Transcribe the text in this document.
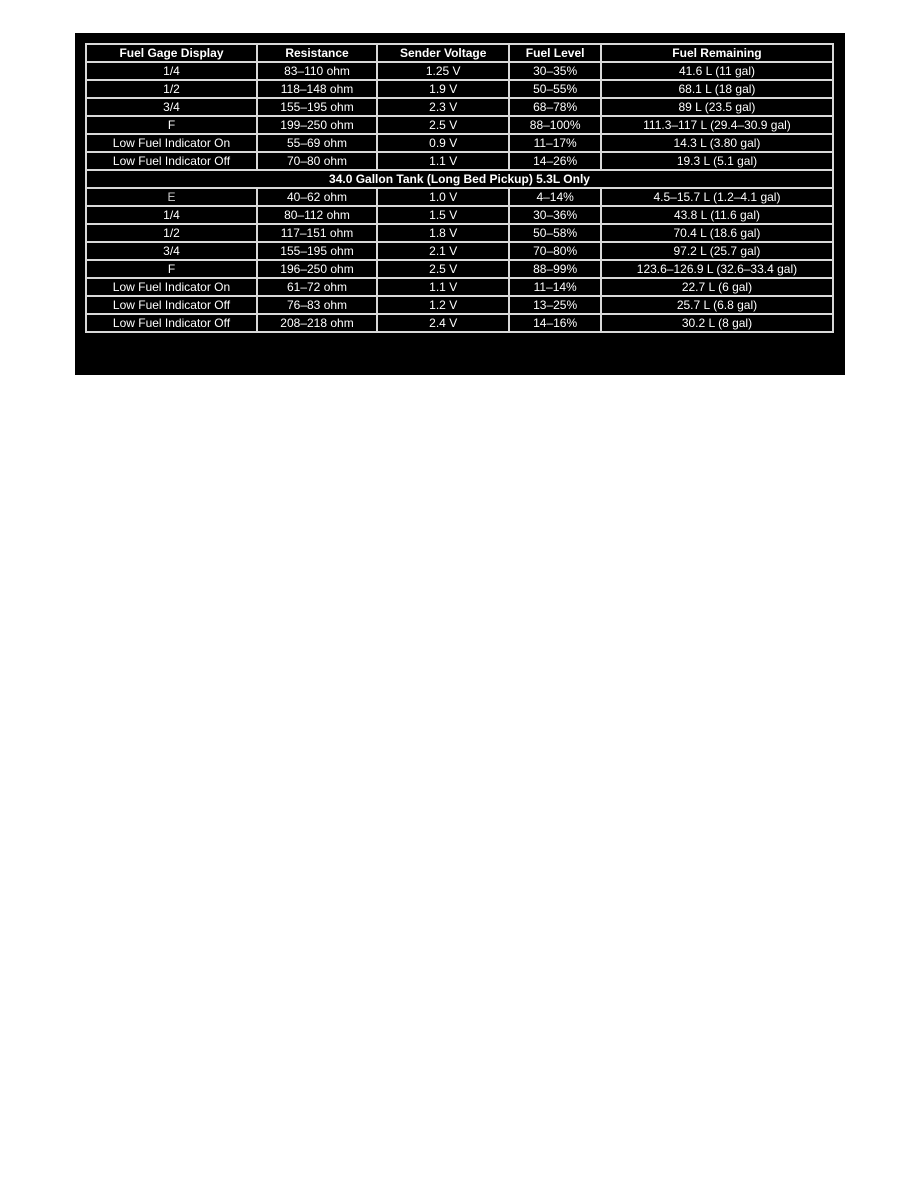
Fuel Gage Display	Resistance	Sender Voltage	Fuel Level	Fuel Remaining
1/4	83–110 ohm	1.25 V	30–35%	41.6 L (11 gal)
1/2	118–148 ohm	1.9 V	50–55%	68.1 L (18 gal)
3/4	155–195 ohm	2.3 V	68–78%	89 L (23.5 gal)
F	199–250 ohm	2.5 V	88–100%	111.3–117 L (29.4–30.9 gal)
Low Fuel Indicator On	55–69 ohm	0.9 V	11–17%	14.3 L (3.80 gal)
Low Fuel Indicator Off	70–80 ohm	1.1 V	14–26%	19.3 L (5.1 gal)
34.0 Gallon Tank (Long Bed Pickup) 5.3L Only				
E	40–62 ohm	1.0 V	4–14%	4.5–15.7 L (1.2–4.1 gal)
1/4	80–112 ohm	1.5 V	30–36%	43.8 L (11.6 gal)
1/2	117–151 ohm	1.8 V	50–58%	70.4 L (18.6 gal)
3/4	155–195 ohm	2.1 V	70–80%	97.2 L (25.7 gal)
F	196–250 ohm	2.5 V	88–99%	123.6–126.9 L (32.6–33.4 gal)
Low Fuel Indicator On	61–72 ohm	1.1 V	11–14%	22.7 L (6 gal)
Low Fuel Indicator Off	76–83 ohm	1.2 V	13–25%	25.7 L (6.8 gal)
Low Fuel Indicator Off	208–218 ohm	2.4 V	14–16%	30.2 L (8 gal)
